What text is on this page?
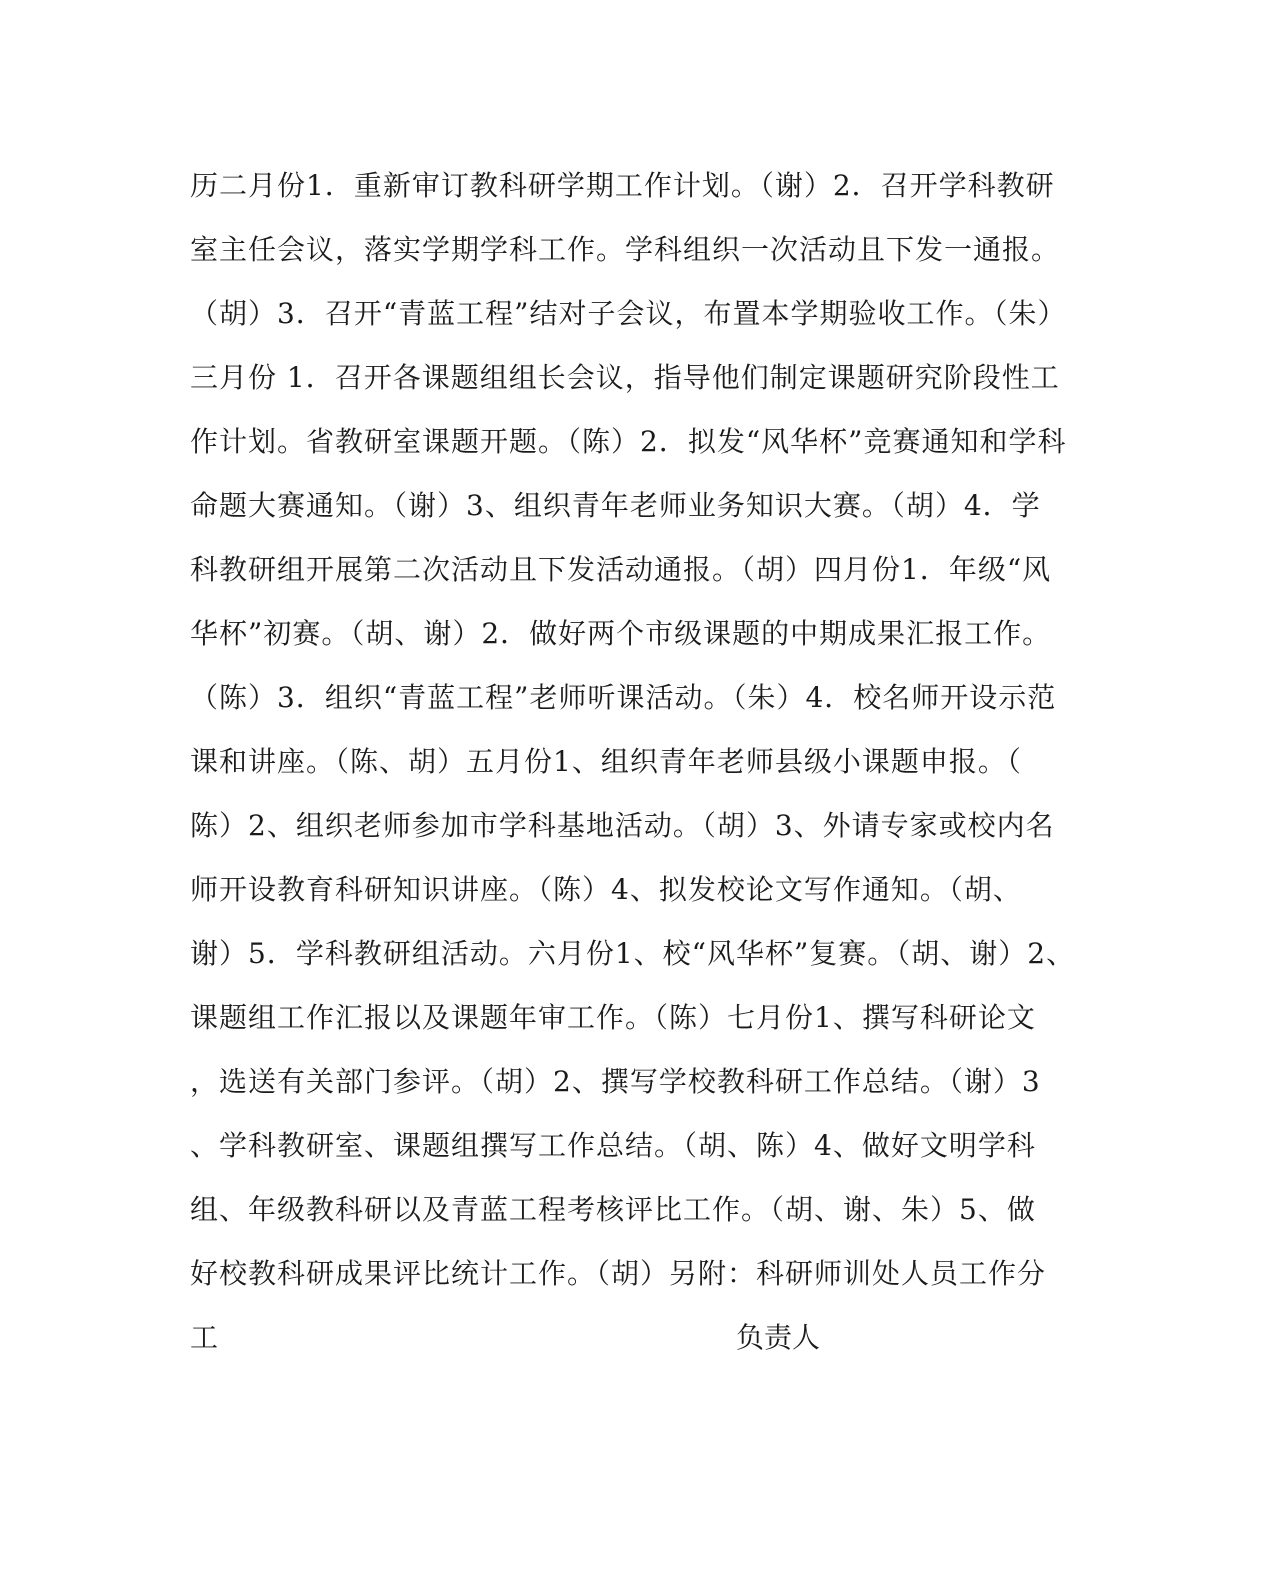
历二月份1．重新审订教科研学期工作计划。（谢）2．召开学科教研
室主任会议，落实学期学科工作。学科组织一次活动且下发一通报。
（胡）3．召开“青蓝工程”结对子会议，布置本学期验收工作。（朱）
三月份 1．召开各课题组组长会议，指导他们制定课题研究阶段性工
作计划。省教研室课题开题。（陈）2．拟发“风华杯”竞赛通知和学科
命题大赛通知。（谢）3、组织青年老师业务知识大赛。（胡）4．学
科教研组开展第二次活动且下发活动通报。（胡）四月份1．年级“风
华杯”初赛。（胡、谢）2．做好两个市级课题的中期成果汇报工作。
（陈）3．组织“青蓝工程”老师听课活动。（朱）4．校名师开设示范
课和讲座。（陈、胡）五月份1、组织青年老师县级小课题申报。（
陈）2、组织老师参加市学科基地活动。（胡）3、外请专家或校内名
师开设教育科研知识讲座。（陈）4、拟发校论文写作通知。（胡、
谢）5．学科教研组活动。六月份1、校“风华杯”复赛。（胡、谢）2、
课题组工作汇报以及课题年审工作。（陈）七月份1、撰写科研论文
，选送有关部门参评。（胡）2、撰写学校教科研工作总结。（谢）3
、学科教研室、课题组撰写工作总结。（胡、陈）4、做好文明学科
组、年级教科研以及青蓝工程考核评比工作。（胡、谢、朱）5、做
好校教科研成果评比统计工作。（胡）另附：科研师训处人员工作分
工	负责人
